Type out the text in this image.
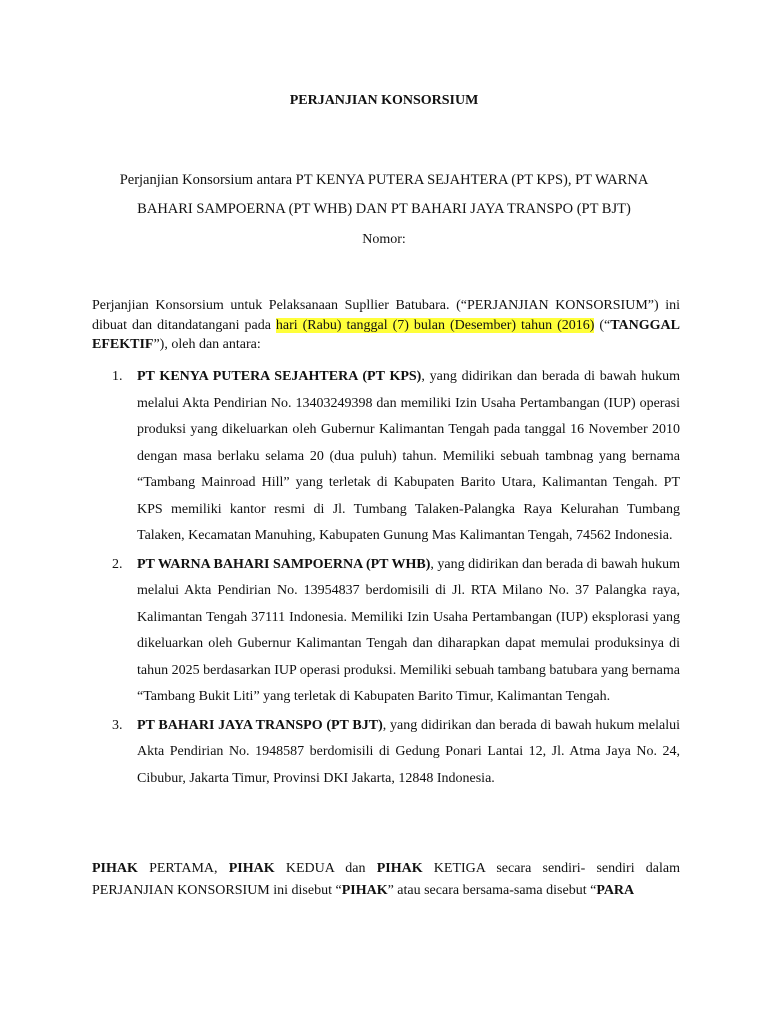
PERJANJIAN KONSORSIUM
Perjanjian Konsorsium antara PT KENYA PUTERA SEJAHTERA (PT KPS), PT WARNA
BAHARI SAMPOERNA (PT WHB) DAN PT BAHARI JAYA TRANSPO (PT BJT)
Nomor:
Perjanjian Konsorsium untuk Pelaksanaan Supllier Batubara. (“PERJANJIAN KONSORSIUM”) ini dibuat dan ditandatangani pada hari (Rabu) tanggal (7) bulan (Desember) tahun (2016) (“TANGGAL EFEKTIF”), oleh dan antara:
1. PT KENYA PUTERA SEJAHTERA (PT KPS), yang didirikan dan berada di bawah hukum melalui Akta Pendirian No. 13403249398 dan memiliki Izin Usaha Pertambangan (IUP) operasi produksi yang dikeluarkan oleh Gubernur Kalimantan Tengah pada tanggal 16 November 2010 dengan masa berlaku selama 20 (dua puluh) tahun. Memiliki sebuah tambnag yang bernama “Tambang Mainroad Hill” yang terletak di Kabupaten Barito Utara, Kalimantan Tengah. PT KPS memiliki kantor resmi di Jl. Tumbang Talaken-Palangka Raya Kelurahan Tumbang Talaken, Kecamatan Manuhing, Kabupaten Gunung Mas Kalimantan Tengah, 74562 Indonesia.
2. PT WARNA BAHARI SAMPOERNA (PT WHB), yang didirikan dan berada di bawah hukum melalui Akta Pendirian No. 13954837 berdomisili di Jl. RTA Milano No. 37 Palangka raya, Kalimantan Tengah 37111 Indonesia. Memiliki Izin Usaha Pertambangan (IUP) eksplorasi yang dikeluarkan oleh Gubernur Kalimantan Tengah dan diharapkan dapat memulai produksinya di tahun 2025 berdasarkan IUP operasi produksi. Memiliki sebuah tambang batubara yang bernama “Tambang Bukit Liti” yang terletak di Kabupaten Barito Timur, Kalimantan Tengah.
3. PT BAHARI JAYA TRANSPO (PT BJT), yang didirikan dan berada di bawah hukum melalui Akta Pendirian No. 1948587 berdomisili di Gedung Ponari Lantai 12, Jl. Atma Jaya No. 24, Cibubur, Jakarta Timur, Provinsi DKI Jakarta, 12848 Indonesia.
PIHAK PERTAMA, PIHAK KEDUA dan PIHAK KETIGA secara sendiri- sendiri dalam PERJANJIAN KONSORSIUM ini disebut “PIHAK” atau secara bersama-sama disebut “PARA
